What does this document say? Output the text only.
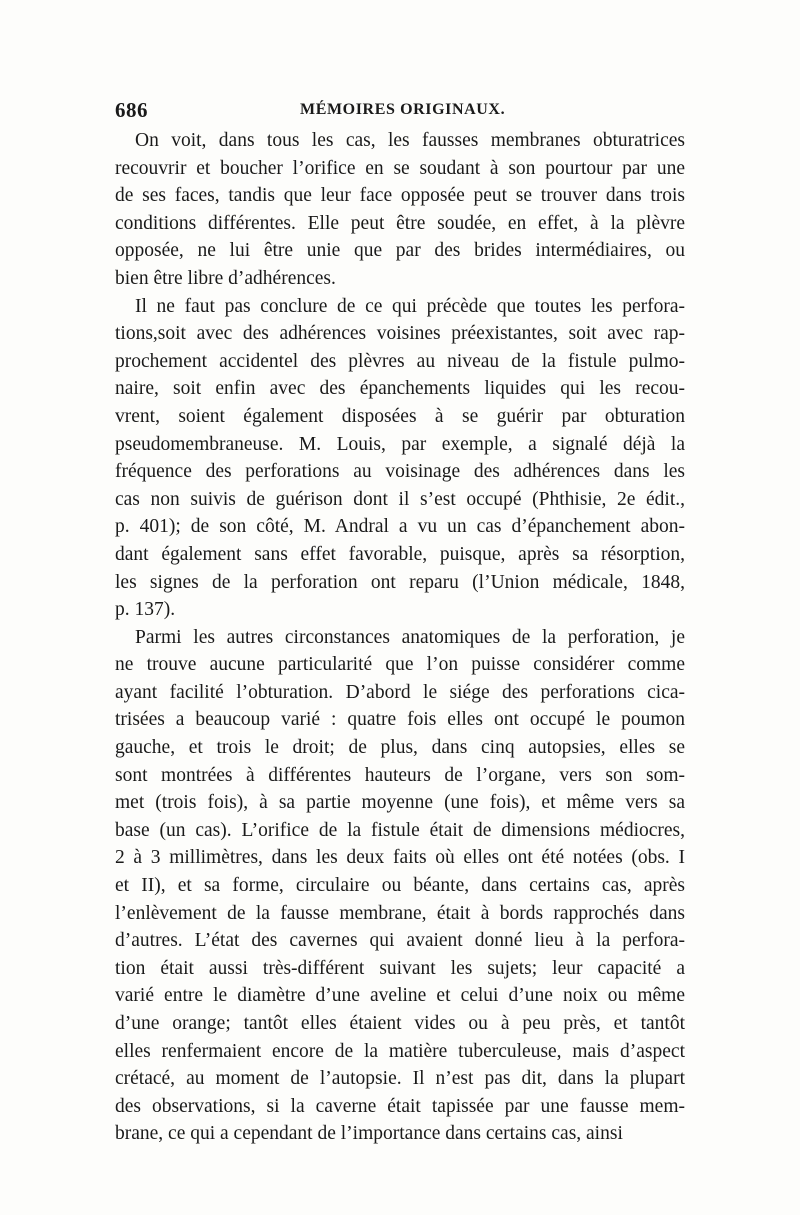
686	MÉMOIRES ORIGINAUX.
On voit, dans tous les cas, les fausses membranes obturatrices
recouvrir et boucher l’orifice en se soudant à son pourtour par une
de ses faces, tandis que leur face opposée peut se trouver dans trois
conditions différentes. Elle peut être soudée, en effet, à la plèvre
opposée, ne lui être unie que par des brides intermédiaires, ou
bien être libre d’adhérences.
Il ne faut pas conclure de ce qui précède que toutes les perfora-
tions,soit avec des adhérences voisines préexistantes, soit avec rap-
prochement accidentel des plèvres au niveau de la fistule pulmo-
naire, soit enfin avec des épanchements liquides qui les recou-
vrent, soient également disposées à se guérir par obturation
pseudomembraneuse. M. Louis, par exemple, a signalé déjà la
fréquence des perforations au voisinage des adhérences dans les
cas non suivis de guérison dont il s’est occupé (Phthisie, 2e édit.,
p. 401); de son côté, M. Andral a vu un cas d’épanchement abon-
dant également sans effet favorable, puisque, après sa résorption,
les signes de la perforation ont reparu (l’Union médicale, 1848,
p. 137).
Parmi les autres circonstances anatomiques de la perforation, je
ne trouve aucune particularité que l’on puisse considérer comme
ayant facilité l’obturation. D’abord le siége des perforations cica-
trisées a beaucoup varié : quatre fois elles ont occupé le poumon
gauche, et trois le droit; de plus, dans cinq autopsies, elles se
sont montrées à différentes hauteurs de l’organe, vers son som-
met (trois fois), à sa partie moyenne (une fois), et même vers sa
base (un cas). L’orifice de la fistule était de dimensions médiocres,
2 à 3 millimètres, dans les deux faits où elles ont été notées (obs. I
et II), et sa forme, circulaire ou béante, dans certains cas, après
l’enlèvement de la fausse membrane, était à bords rapprochés dans
d’autres. L’état des cavernes qui avaient donné lieu à la perfora-
tion était aussi très-différent suivant les sujets; leur capacité a
varié entre le diamètre d’une aveline et celui d’une noix ou même
d’une orange; tantôt elles étaient vides ou à peu près, et tantôt
elles renfermaient encore de la matière tuberculeuse, mais d’aspect
crétacé, au moment de l’autopsie. Il n’est pas dit, dans la plupart
des observations, si la caverne était tapissée par une fausse mem-
brane, ce qui a cependant de l’importance dans certains cas, ainsi
